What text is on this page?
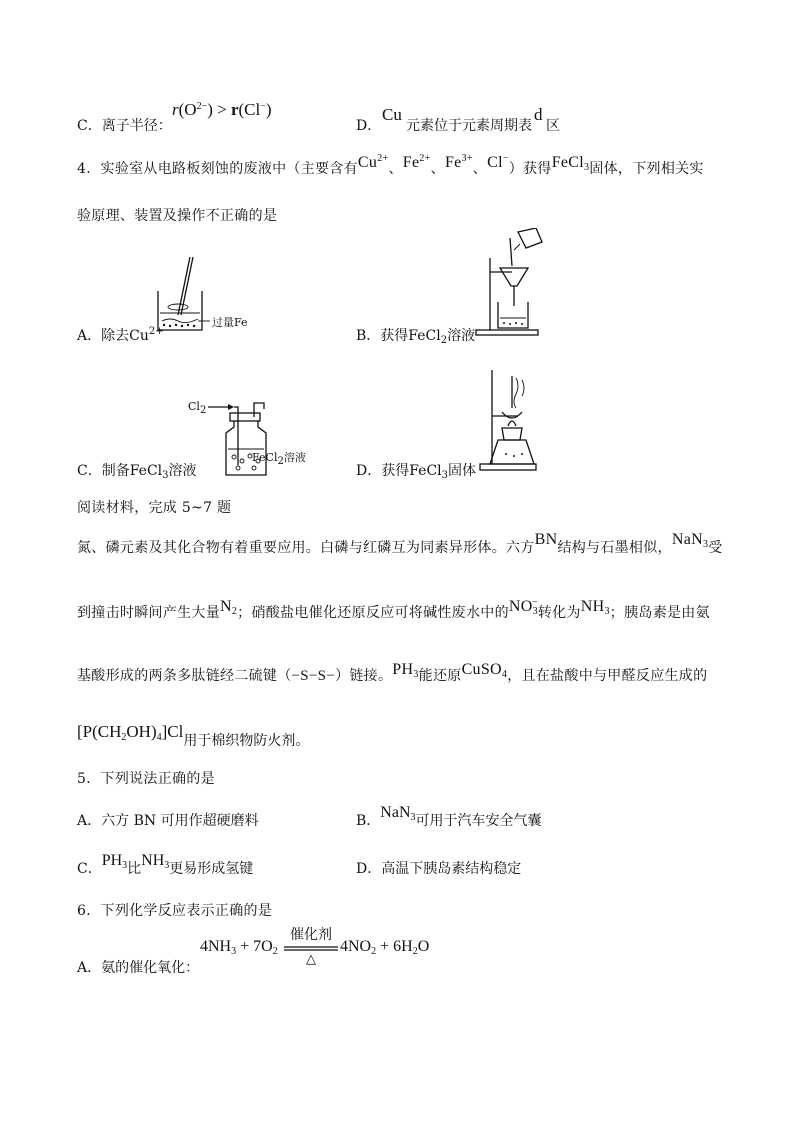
C．离子半径：
$r(O^{2-}) > r(Cl^-)$
D．
Cu
元素位于元素周期表
d
区
4．实验室从电路板刻蚀的废液中（主要含有$Cu^{2+}$、$Fe^{2+}$、$Fe^{3+}$、Cl−）获得FeCl$_3$固体，下列相关实
验原理、装置及操作不正确的是
过量Fe
A．除去$Cu^{2+}$	B．获得FeCl$_2$溶液
$Cl_2$
FeCl$_2$溶液
C．制备FeCl$_3$溶液	D．获得FeCl$_3$固体
阅读材料，完成 5~7 题
氮、磷元素及其化合物有着重要应用。白磷与红磷互为同素异形体。六方BN结构与石墨相似，NaN$_3$受
到撞击时瞬间产生大量$N_2$；硝酸盐电催化还原反应可将碱性废水中的$NO_3^-$转化为$NH_3$；胰岛素是由氨
基酸形成的两条多肽链经二硫键（−S−S−）链接。$PH_3$能还原CuSO$_4$，且在盐酸中与甲醛反应生成的
$[P(CH_2OH)_4]Cl$用于棉织物防火剂。
5．下列说法正确的是
A．六方 BN 可用作超硬磨料	B．NaN$_3$可用于汽车安全气囊
C．$PH_3$比$NH_3$更易形成氢键	D．高温下胰岛素结构稳定
6．下列化学反应表示正确的是
A．氨的催化氧化：
$4NH_3 + 7O_2$
催化剂
△
$4NO_2 + 6H_2O$
